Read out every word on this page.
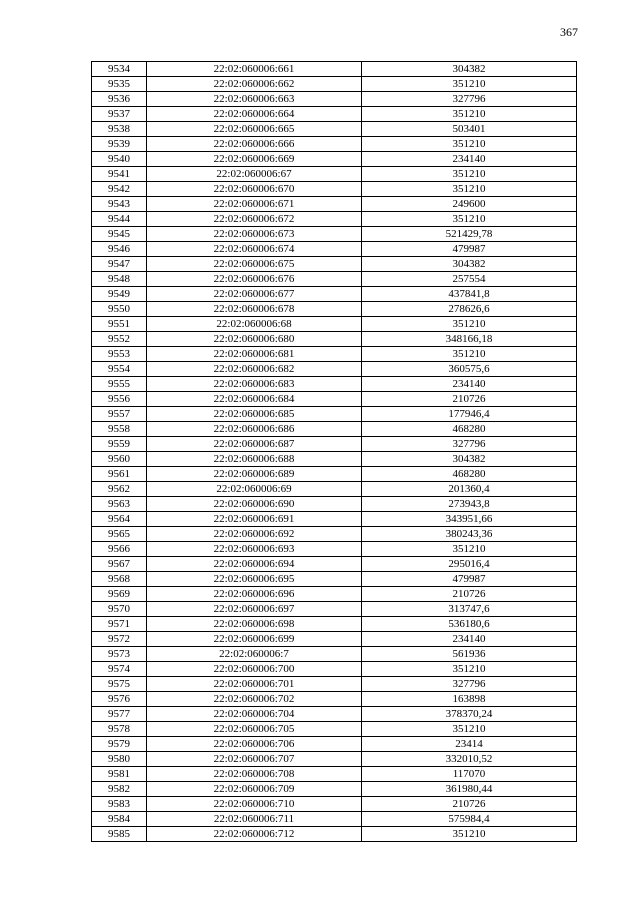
367
9534	22:02:060006:661	304382
9535	22:02:060006:662	351210
9536	22:02:060006:663	327796
9537	22:02:060006:664	351210
9538	22:02:060006:665	503401
9539	22:02:060006:666	351210
9540	22:02:060006:669	234140
9541	22:02:060006:67	351210
9542	22:02:060006:670	351210
9543	22:02:060006:671	249600
9544	22:02:060006:672	351210
9545	22:02:060006:673	521429,78
9546	22:02:060006:674	479987
9547	22:02:060006:675	304382
9548	22:02:060006:676	257554
9549	22:02:060006:677	437841,8
9550	22:02:060006:678	278626,6
9551	22:02:060006:68	351210
9552	22:02:060006:680	348166,18
9553	22:02:060006:681	351210
9554	22:02:060006:682	360575,6
9555	22:02:060006:683	234140
9556	22:02:060006:684	210726
9557	22:02:060006:685	177946,4
9558	22:02:060006:686	468280
9559	22:02:060006:687	327796
9560	22:02:060006:688	304382
9561	22:02:060006:689	468280
9562	22:02:060006:69	201360,4
9563	22:02:060006:690	273943,8
9564	22:02:060006:691	343951,66
9565	22:02:060006:692	380243,36
9566	22:02:060006:693	351210
9567	22:02:060006:694	295016,4
9568	22:02:060006:695	479987
9569	22:02:060006:696	210726
9570	22:02:060006:697	313747,6
9571	22:02:060006:698	536180,6
9572	22:02:060006:699	234140
9573	22:02:060006:7	561936
9574	22:02:060006:700	351210
9575	22:02:060006:701	327796
9576	22:02:060006:702	163898
9577	22:02:060006:704	378370,24
9578	22:02:060006:705	351210
9579	22:02:060006:706	23414
9580	22:02:060006:707	332010,52
9581	22:02:060006:708	117070
9582	22:02:060006:709	361980,44
9583	22:02:060006:710	210726
9584	22:02:060006:711	575984,4
9585	22:02:060006:712	351210
